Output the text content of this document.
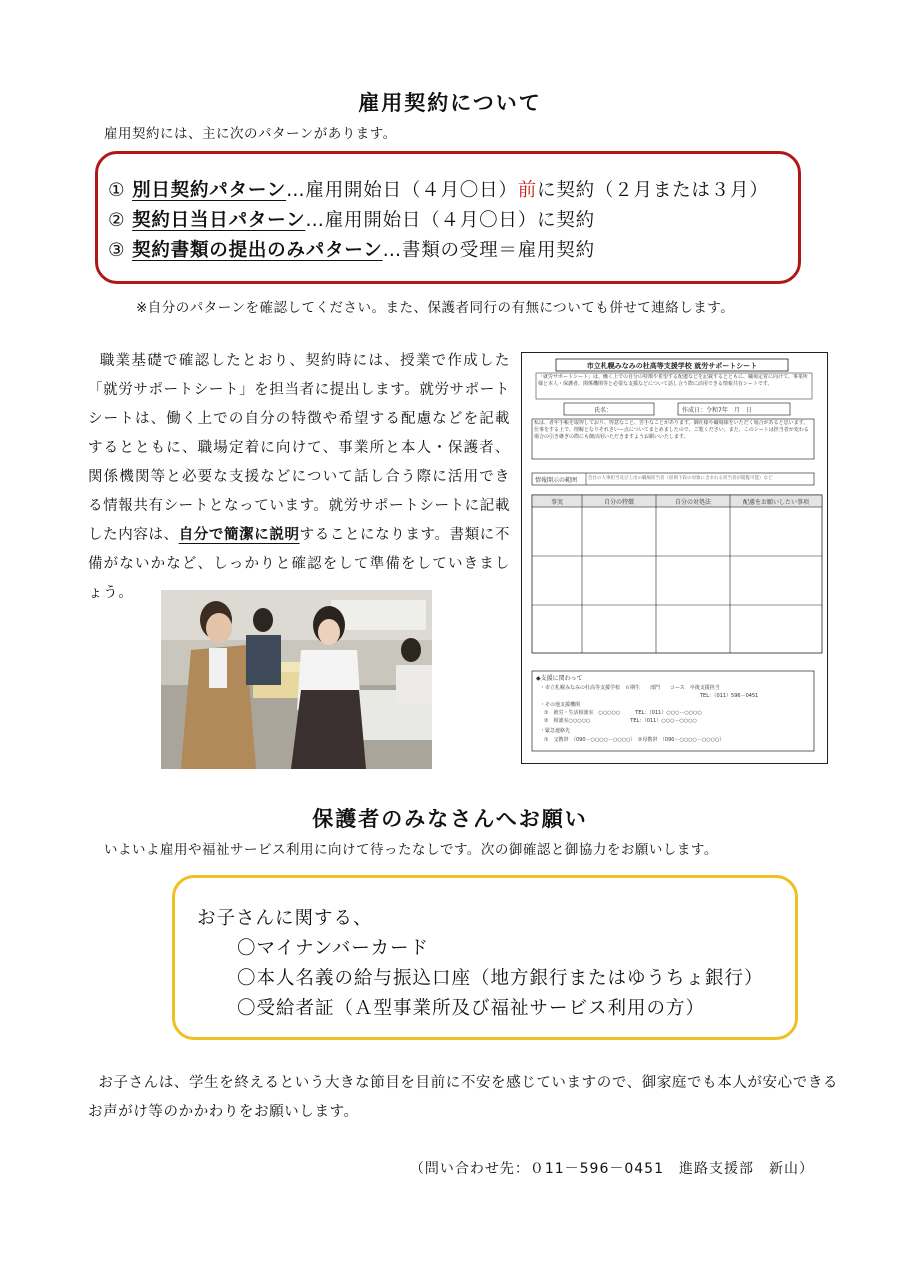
雇用契約について
雇用契約には、主に次のパターンがあります。
① 別日契約パターン…雇用開始日（４月〇日）前に契約（２月または３月）
② 契約日当日パターン…雇用開始日（４月〇日）に契約
③ 契約書類の提出のみパターン…書類の受理＝雇用契約
※自分のパターンを確認してください。また、保護者同行の有無についても併せて連絡します。
職業基礎で確認したとおり、契約時には、授業で作成した「就労サポートシート」を担当者に提出します。就労サポートシートは、働く上での自分の特徴や希望する配慮などを記載するとともに、職場定着に向けて、事業所と本人・保護者、関係機関等と必要な支援などについて話し合う際に活用できる情報共有シートとなっています。就労サポートシートに記載した内容は、自分で簡潔に説明することになります。書類に不備がないかなど、しっかりと確認をして準備をしていきましょう。
市立札幌みなみの杜高等支援学校 就労サポートシート
「就労サポートシート」は、働く上での自分の特徴や希望する配慮などを記載するとともに、職場定着に向けて、事業所様と本人・保護者、関係機関等と必要な支援などについて話し合う際に活用できる情報共有シートです。
氏名：	作成日：令和7年　月　日
私は、者年手帳を取得しており、得意なこと、苦手なことがあります。御社様や職場様をいただく場合があると思います。仕事をする上で、理解となりそれさいー点についてまとめましたので、ご覧ください。また、このシートは担当者が変わる場合の引き継ぎの際にも御活用いただきますようお願いいたします。
情報開示の範囲 会社の人事担当及び上司の職場担当者（原則下段の対象に含まれる担当者が閲覧可能）など
事実	自分の特徴	自分の対処法	配慮をお願いしたい事項
◆支援に関わって
・市立札幌みなみの杜高等支援学校　６期生　　部門　　コース　卒後支援担当
TEL：（011）596－0451
・その他支援機関
①　就労・生活相談室　○○○○○　　　TEL：（011）○○○－○○○○
②　相談室○○○○○　　　　　　　　TEL：（011）○○○－○○○○
・緊急連絡先
①　父携帯　（090－○○○○－○○○○）　②母携帯　（090－○○○○－○○○○）
保護者のみなさんへお願い
いよいよ雇用や福祉サービス利用に向けて待ったなしです。次の御確認と御協力をお願いします。
お子さんに関する、
〇マイナンバーカード
〇本人名義の給与振込口座（地方銀行またはゆうちょ銀行）
〇受給者証（Ａ型事業所及び福祉サービス利用の方）
お子さんは、学生を終えるという大きな節目を目前に不安を感じていますので、御家庭でも本人が安心できるお声がけ等のかかわりをお願いします。
（問い合わせ先：０11－596－0451　進路支援部　新山）
